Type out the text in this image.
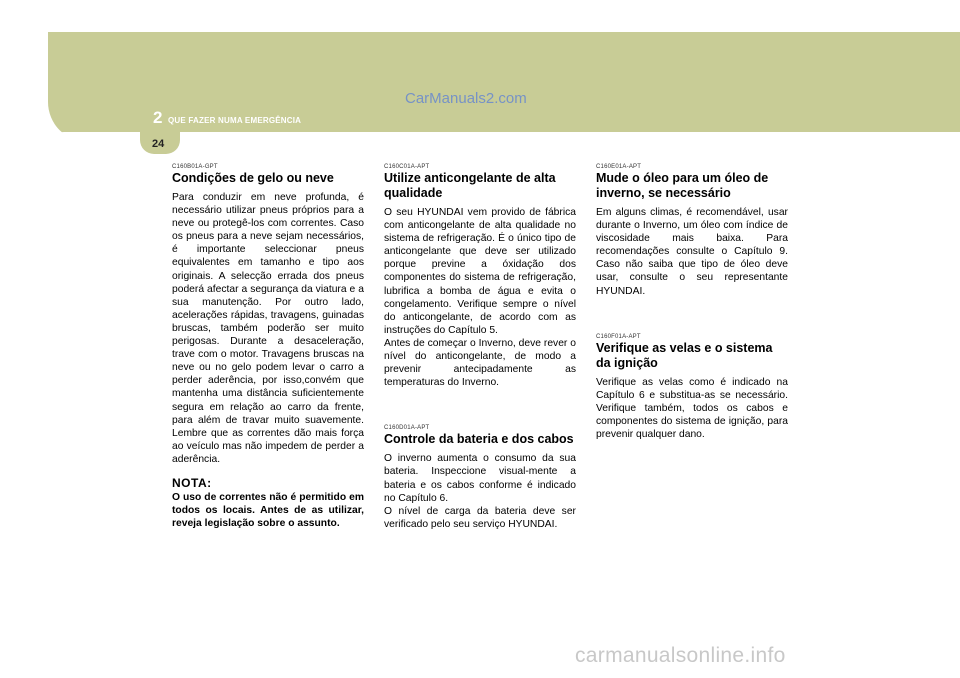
2 QUE FAZER NUMA EMERGÊNCIA
CarManuals2.com
24
C160B01A-GPT
Condições de gelo ou neve

Para conduzir em neve profunda, é necessário utilizar pneus próprios para a neve ou protegê-los com correntes. Caso os pneus para a neve sejam necessários, é importante seleccionar pneus equivalentes em tamanho e tipo aos originais. A selecção errada dos pneus poderá afectar a segurança da viatura e a sua manutenção. Por outro lado, acelerações rápidas, travagens, guinadas bruscas, também poderão ser muito perigosas. Durante a desaceleração, trave com o motor. Travagens bruscas na neve ou no gelo podem levar o carro a perder aderência, por isso,convém que mantenha uma distância suficientemente segura em relação ao carro da frente, para além de travar muito suavemente. Lembre que as correntes dão mais força ao veículo mas não impedem de perder a aderência.

NOTA:

O uso de correntes não é permitido em todos os locais. Antes de as utilizar, reveja legislação sobre o assunto.

C160C01A-APT
Utilize anticongelante de alta qualidade

O seu HYUNDAI vem provido de fábrica com anticongelante de alta qualidade no sistema de refrigeração. É o único tipo de anticongelante que deve ser utilizado porque previne a óxidação dos componentes do sistema de refrigeração, lubrifica a bomba de água e evita o congelamento. Verifique sempre o nível do anticongelante, de acordo com as instruções do Capítulo 5.
Antes de começar o Inverno, deve rever o nível do anticongelante, de modo a prevenir antecipadamente as temperaturas do Inverno.

C160D01A-APT
Controle da bateria e dos cabos

O inverno aumenta o consumo da sua bateria. Inspeccione visual-mente a bateria e os cabos conforme é indicado no Capítulo 6.
O nível de carga da bateria deve ser verificado pelo seu serviço HYUNDAI.

C160E01A-APT
Mude o óleo para um óleo de inverno, se necessário

Em alguns climas, é recomendável, usar durante o Inverno, um óleo com índice de viscosidade mais baixa. Para recomendações consulte o Capítulo 9. Caso não saiba que tipo de óleo deve usar, consulte o seu representante HYUNDAI.

C160F01A-APT
Verifique as velas e o sistema da ignição

Verifique as velas como é indicado na Capítulo 6 e substitua-as se necessário. Verifique também, todos os cabos e componentes do sistema de ignição, para prevenir qualquer dano.

carmanualsonline.info
